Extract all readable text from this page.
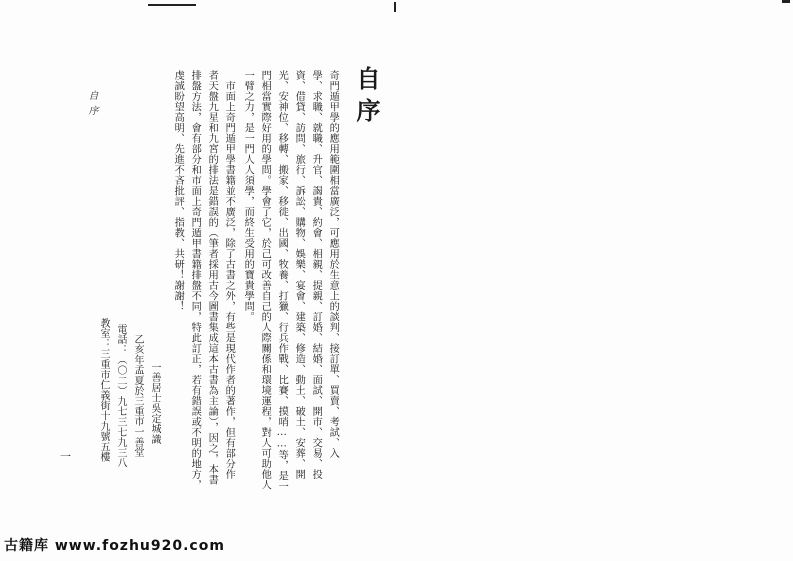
自序
自序	奇門遁甲學的應用範圍相當廣泛，可應用於生意上的談判、接訂單、買賣、考試、入
學、求職、就職、升官、謁貴、約會、相親、提親、訂婚、結婚、面試、開市、交易、投
資、借貸、訪問、旅行、訴訟、購物、娛樂、宴會、建築、修造、動土、破土、安葬、開
光、安神位、移轉、搬家、移徙、出國、牧養、打獵、行兵作戰、比賽、摸哨……等，是一
門相當實際好用的學問。學會了它，於己可改善自己的人際關係和環境運程，對人可助他人
一臂之力，是一門人人須學，而終生受用的寶貴學問。
　市面上奇門遁甲學書籍並不廣泛，除了古書之外，有些是現代作者的著作，但有部分作
者天盤九星和九宮的排法是錯誤的（筆者採用古今圖書集成這本古書為主論），因之，本書
排盤方法，會有部分和市面上奇門遁甲書籍排盤不同，特此訂正，若有錯誤或不明的地方，
虔誠盼望高明、先進不吝批評、指教、共研！謝謝！
一善居士吳定城識
乙亥年孟夏於三重市一善堂
電話：（〇二）九七三七九三八
教室：三重市仁義街十九號五樓
一
古籍库 www.fozhu920.com
